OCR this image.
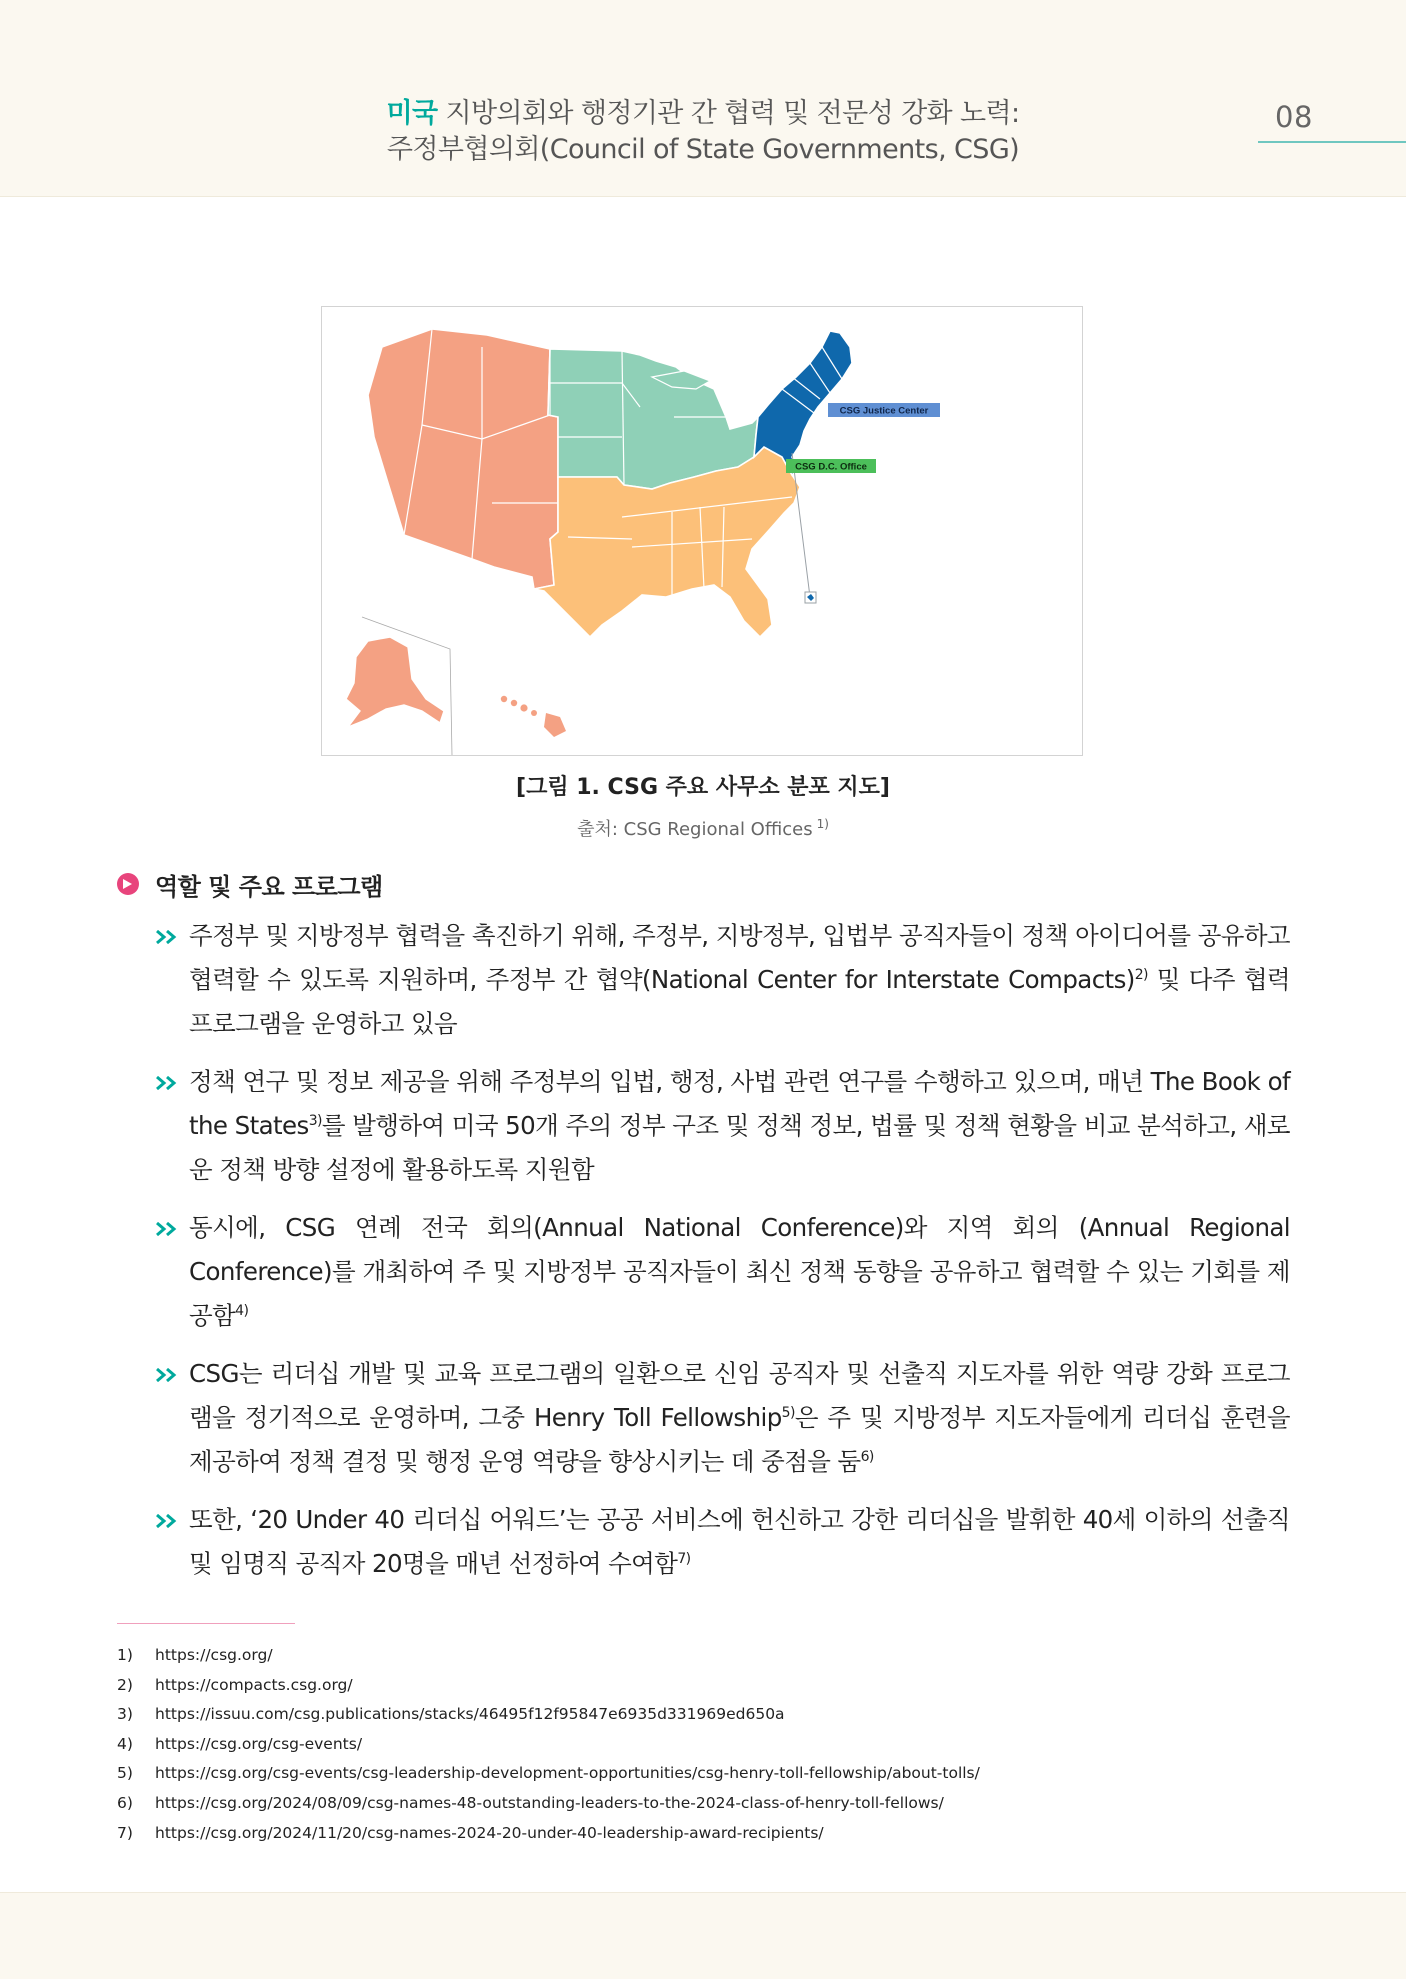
미국 지방의회와 행정기관 간 협력 및 전문성 강화 노력:
주정부협의회(Council of State Governments, CSG)
08
CSG Justice Center
CSG D.C. Office
[그림 1. CSG 주요 사무소 분포 지도]
출처: CSG Regional Offices $^{1)}$
역할 및 주요 프로그램
주정부 및 지방정부 협력을 촉진하기 위해, 주정부, 지방정부, 입법부 공직자들이 정책 아이디어를 공유하고 협력할 수 있도록 지원하며, 주정부 간 협약(National Center for Interstate Compacts)$^{2)}$ 및 다주 협력 프로그램을 운영하고 있음
정책 연구 및 정보 제공을 위해 주정부의 입법, 행정, 사법 관련 연구를 수행하고 있으며, 매년 The Book of the States$^{3)}$를 발행하여 미국 50개 주의 정부 구조 및 정책 정보, 법률 및 정책 현황을 비교 분석하고, 새로운 정책 방향 설정에 활용하도록 지원함
동시에, CSG 연례 전국 회의(Annual National Conference)와 지역 회의 (Annual Regional Conference)를 개최하여 주 및 지방정부 공직자들이 최신 정책 동향을 공유하고 협력할 수 있는 기회를 제공함$^{4)}$
CSG는 리더십 개발 및 교육 프로그램의 일환으로 신임 공직자 및 선출직 지도자를 위한 역량 강화 프로그램을 정기적으로 운영하며, 그중 Henry Toll Fellowship$^{5)}$은 주 및 지방정부 지도자들에게 리더십 훈련을 제공하여 정책 결정 및 행정 운영 역량을 향상시키는 데 중점을 둠$^{6)}$
또한, ‘20 Under 40 리더십 어워드’는 공공 서비스에 헌신하고 강한 리더십을 발휘한 40세 이하의 선출직 및 임명직 공직자 20명을 매년 선정하여 수여함$^{7)}$
1) https://csg.org/
2) https://compacts.csg.org/
3) https://issuu.com/csg.publications/stacks/46495f12f95847e6935d331969ed650a
4) https://csg.org/csg-events/
5) https://csg.org/csg-events/csg-leadership-development-opportunities/csg-henry-toll-fellowship/about-tolls/
6) https://csg.org/2024/08/09/csg-names-48-outstanding-leaders-to-the-2024-class-of-henry-toll-fellows/
7) https://csg.org/2024/11/20/csg-names-2024-20-under-40-leadership-award-recipients/
